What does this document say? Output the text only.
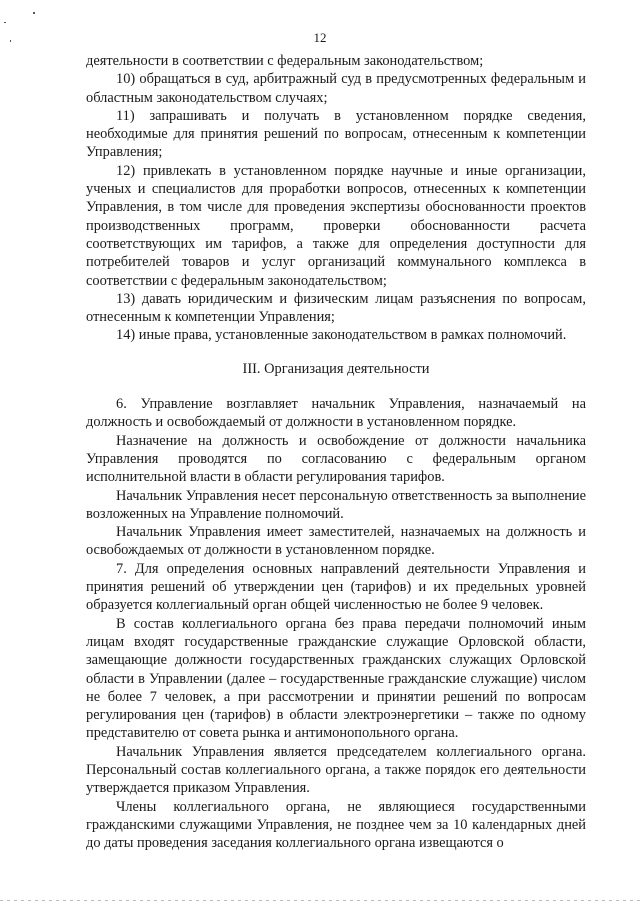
12

деятельности в соответствии с федеральным законодательством;

10) обращаться в суд, арбитражный суд в предусмотренных федеральным и областным законодательством случаях;

11) запрашивать и получать в установленном порядке сведения, необходимые для принятия решений по вопросам, отнесенным к компетенции Управления;

12) привлекать в установленном порядке научные и иные организации, ученых и специалистов для проработки вопросов, отнесенных к компетенции Управления, в том числе для проведения экспертизы обоснованности проектов производственных программ, проверки обоснованности расчета соответствующих им тарифов, а также для определения доступности для потребителей товаров и услуг организаций коммунального комплекса в соответствии с федеральным законодательством;

13) давать юридическим и физическим лицам разъяснения по вопросам, отнесенным к компетенции Управления;

14) иные права, установленные законодательством в рамках полномочий.

III. Организация деятельности

6. Управление возглавляет начальник Управления, назначаемый на должность и освобождаемый от должности в установленном порядке.

Назначение на должность и освобождение от должности начальника Управления проводятся по согласованию с федеральным органом исполнительной власти в области регулирования тарифов.

Начальник Управления несет персональную ответственность за выполнение возложенных на Управление полномочий.

Начальник Управления имеет заместителей, назначаемых на должность и освобождаемых от должности в установленном порядке.

7. Для определения основных направлений деятельности Управления и принятия решений об утверждении цен (тарифов) и их предельных уровней образуется коллегиальный орган общей численностью не более 9 человек.

В состав коллегиального органа без права передачи полномочий иным лицам входят государственные гражданские служащие Орловской области, замещающие должности государственных гражданских служащих Орловской области в Управлении (далее – государственные гражданские служащие) числом не более 7 человек, а при рассмотрении и принятии решений по вопросам регулирования цен (тарифов) в области электроэнергетики – также по одному представителю от совета рынка и антимонопольного органа.

Начальник Управления является председателем коллегиального органа. Персональный состав коллегиального органа, а также порядок его деятельности утверждается приказом Управления.

Члены коллегиального органа, не являющиеся государственными гражданскими служащими Управления, не позднее чем за 10 календарных дней до даты проведения заседания коллегиального органа извещаются о
